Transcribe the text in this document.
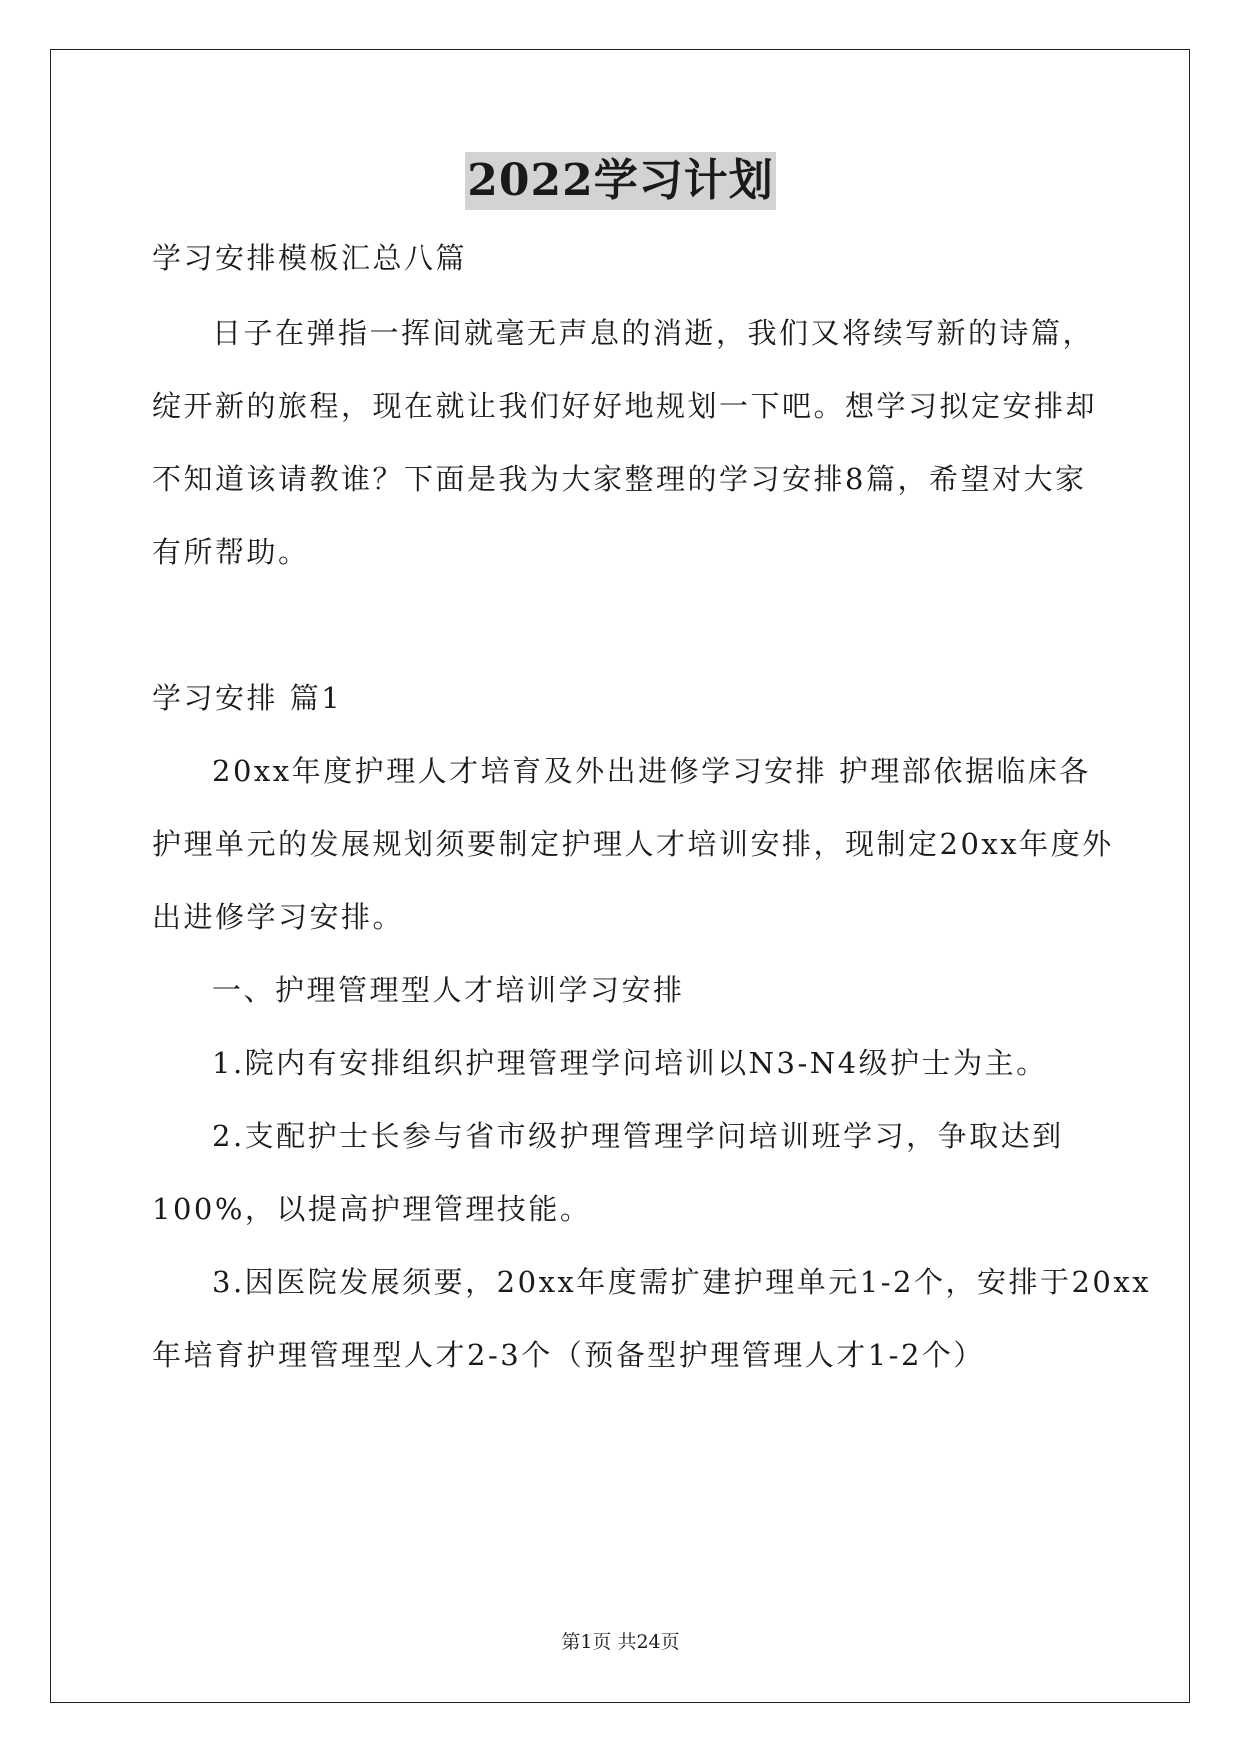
2022学习计划
学习安排模板汇总八篇
日子在弹指一挥间就毫无声息的消逝，我们又将续写新的诗篇，
绽开新的旅程，现在就让我们好好地规划一下吧。想学习拟定安排却
不知道该请教谁？下面是我为大家整理的学习安排8篇，希望对大家
有所帮助。
学习安排 篇1
20xx年度护理人才培育及外出进修学习安排 护理部依据临床各
护理单元的发展规划须要制定护理人才培训安排，现制定20xx年度外
出进修学习安排。
一、护理管理型人才培训学习安排
1.院内有安排组织护理管理学问培训以N3-N4级护士为主。
2.支配护士长参与省市级护理管理学问培训班学习，争取达到
100%，以提高护理管理技能。
3.因医院发展须要，20xx年度需扩建护理单元1-2个，安排于20xx
年培育护理管理型人才2-3个（预备型护理管理人才1-2个）
第1页 共24页
